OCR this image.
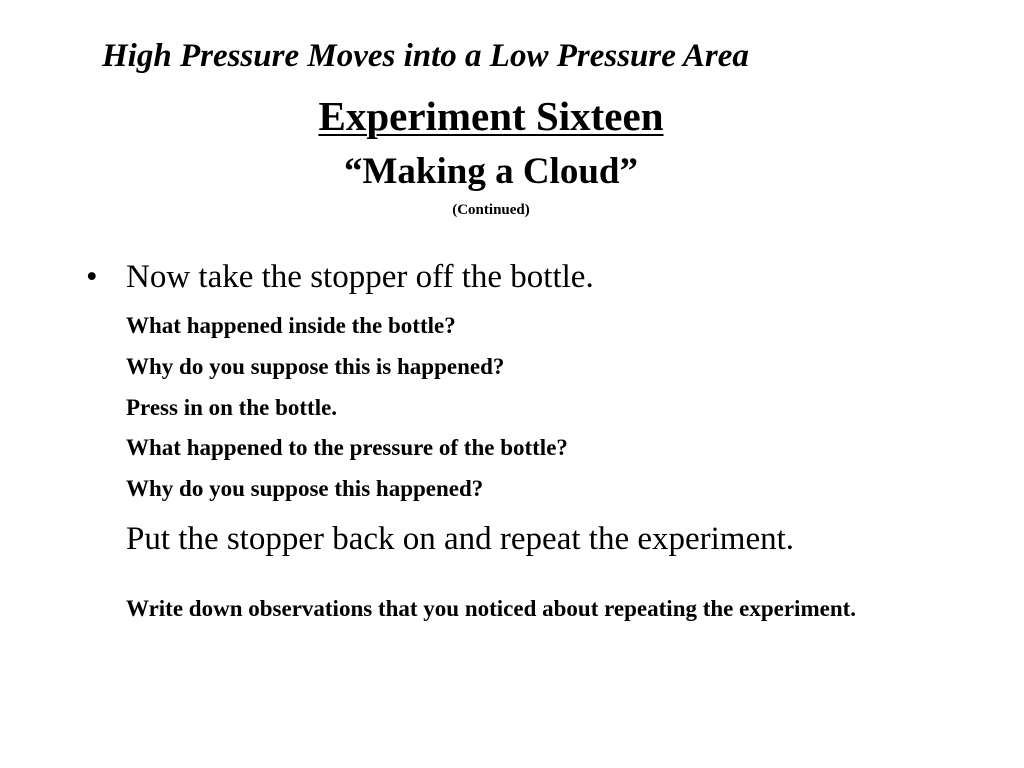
High Pressure Moves into a Low Pressure Area
Experiment Sixteen
“Making a Cloud”
(Continued)
• Now take the stopper off the bottle.
What happened inside the bottle?
Why do you suppose this is happened?
Press in on the bottle.
What happened to the pressure of the bottle?
Why do you suppose this happened?
Put the stopper back on and repeat the experiment.
Write down observations that you noticed about repeating the experiment.
